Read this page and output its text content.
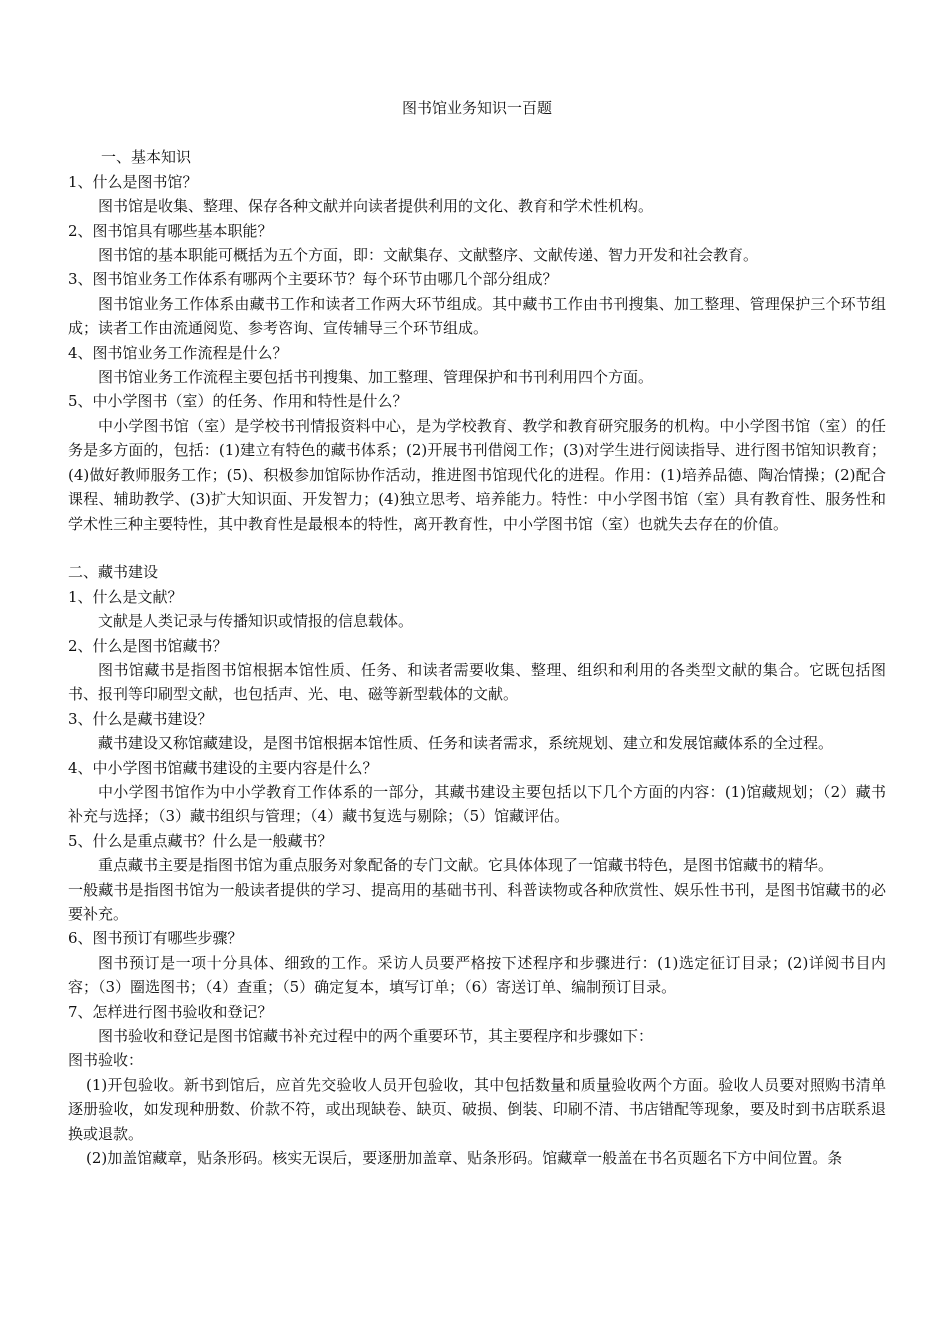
图书馆业务知识一百题

一、基本知识

1、什么是图书馆？

图书馆是收集、整理、保存各种文献并向读者提供利用的文化、教育和学术性机构。

2、图书馆具有哪些基本职能？

图书馆的基本职能可概括为五个方面，即：文献集存、文献整序、文献传递、智力开发和社会教育。

3、图书馆业务工作体系有哪两个主要环节？每个环节由哪几个部分组成？

图书馆业务工作体系由藏书工作和读者工作两大环节组成。其中藏书工作由书刊搜集、加工整理、管理保护三个环节组成；读者工作由流通阅览、参考咨询、宣传辅导三个环节组成。

4、图书馆业务工作流程是什么？

图书馆业务工作流程主要包括书刊搜集、加工整理、管理保护和书刊利用四个方面。

5、中小学图书（室）的任务、作用和特性是什么？

中小学图书馆（室）是学校书刊情报资料中心，是为学校教育、教学和教育研究服务的机构。中小学图书馆（室）的任务是多方面的，包括：(1)建立有特色的藏书体系；(2)开展书刊借阅工作；(3)对学生进行阅读指导、进行图书馆知识教育；(4)做好教师服务工作；(5)、积极参加馆际协作活动，推进图书馆现代化的进程。作用：(1)培养品德、陶冶情操；(2)配合课程、辅助教学、(3)扩大知识面、开发智力；(4)独立思考、培养能力。特性：中小学图书馆（室）具有教育性、服务性和学术性三种主要特性，其中教育性是最根本的特性，离开教育性，中小学图书馆（室）也就失去存在的价值。

二、藏书建设

1、什么是文献？

文献是人类记录与传播知识或情报的信息载体。

2、什么是图书馆藏书？

图书馆藏书是指图书馆根据本馆性质、任务、和读者需要收集、整理、组织和利用的各类型文献的集合。它既包括图书、报刊等印刷型文献，也包括声、光、电、磁等新型载体的文献。

3、什么是藏书建设？

藏书建设又称馆藏建设，是图书馆根据本馆性质、任务和读者需求，系统规划、建立和发展馆藏体系的全过程。

4、中小学图书馆藏书建设的主要内容是什么？

中小学图书馆作为中小学教育工作体系的一部分，其藏书建设主要包括以下几个方面的内容：(1)馆藏规划；（2）藏书补充与选择；（3）藏书组织与管理；（4）藏书复选与剔除；（5）馆藏评估。

5、什么是重点藏书？什么是一般藏书？

重点藏书主要是指图书馆为重点服务对象配备的专门文献。它具体体现了一馆藏书特色，是图书馆藏书的精华。

一般藏书是指图书馆为一般读者提供的学习、提高用的基础书刊、科普读物或各种欣赏性、娱乐性书刊，是图书馆藏书的必要补充。

6、图书预订有哪些步骤？

图书预订是一项十分具体、细致的工作。采访人员要严格按下述程序和步骤进行：(1)选定征订目录；(2)详阅书目内容；（3）圈选图书；（4）查重；（5）确定复本，填写订单；（6）寄送订单、编制预订目录。

7、怎样进行图书验收和登记？

图书验收和登记是图书馆藏书补充过程中的两个重要环节，其主要程序和步骤如下：

图书验收：

(1)开包验收。新书到馆后，应首先交验收人员开包验收，其中包括数量和质量验收两个方面。验收人员要对照购书清单逐册验收，如发现种册数、价款不符，或出现缺卷、缺页、破损、倒装、印刷不清、书店错配等现象，要及时到书店联系退换或退款。

(2)加盖馆藏章，贴条形码。核实无误后，要逐册加盖章、贴条形码。馆藏章一般盖在书名页题名下方中间位置。条
